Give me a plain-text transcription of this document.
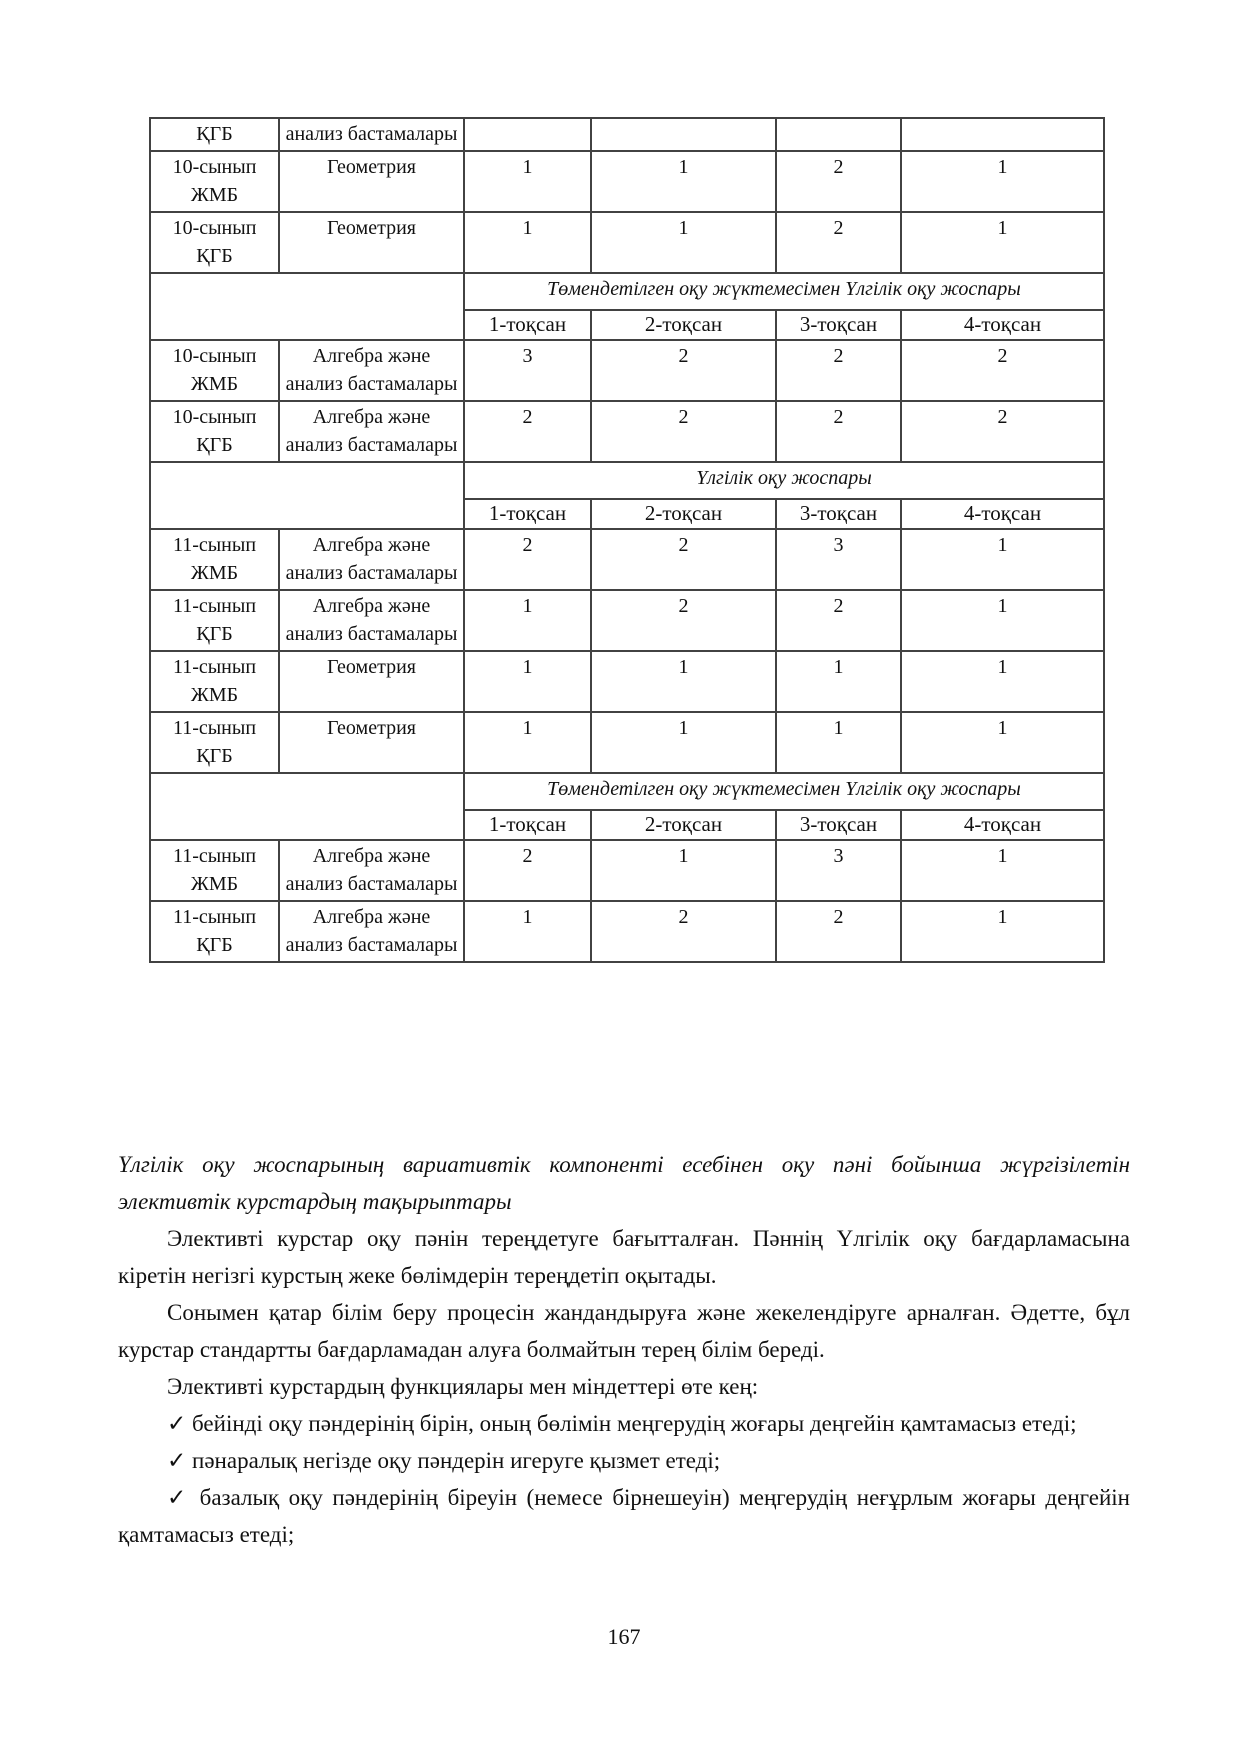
ҚГБ	анализ бастамалары				
10-сынып ЖМБ	Геометрия	1	1	2	1
10-сынып ҚГБ	Геометрия	1	1	2	1
		Төмендетілген оқу жүктемесімен Үлгілік оқу жоспары			
		1-тоқсан	2-тоқсан	3-тоқсан	4-тоқсан
10-сынып ЖМБ	Алгебра және анализ бастамалары	3	2	2	2
10-сынып ҚГБ	Алгебра және анализ бастамалары	2	2	2	2
		Үлгілік оқу жоспары			
		1-тоқсан	2-тоқсан	3-тоқсан	4-тоқсан
11-сынып ЖМБ	Алгебра және анализ бастамалары	2	2	3	1
11-сынып ҚГБ	Алгебра және анализ бастамалары	1	2	2	1
11-сынып ЖМБ	Геометрия	1	1	1	1
11-сынып ҚГБ	Геометрия	1	1	1	1
		Төмендетілген оқу жүктемесімен Үлгілік оқу жоспары			
		1-тоқсан	2-тоқсан	3-тоқсан	4-тоқсан
11-сынып ЖМБ	Алгебра және анализ бастамалары	2	1	3	1
11-сынып ҚГБ	Алгебра және анализ бастамалары	1	2	2	1

Үлгілік оқу жоспарының вариативтік компоненті есебінен оқу пәні бойынша жүргізілетін элективтік курстардың тақырыптары

Элективті курстар оқу пәнін тереңдетуге бағытталған. Пәннің Үлгілік оқу бағдарламасына кіретін негізгі курстың жеке бөлімдерін тереңдетіп оқытады.

Сонымен қатар білім беру процесін жандандыруға және жекелендіруге арналған. Әдетте, бұл курстар стандартты бағдарламадан алуға болмайтын терең білім береді.

Элективті курстардың функциялары мен міндеттері өте кең:

✓ бейінді оқу пәндерінің бірін, оның бөлімін меңгерудің жоғары деңгейін қамтамасыз етеді;

✓ пәнаралық негізде оқу пәндерін игеруге қызмет етеді;

✓ базалық оқу пәндерінің біреуін (немесе бірнешеуін) меңгерудің неғұрлым жоғары деңгейін қамтамасыз етеді;

167
